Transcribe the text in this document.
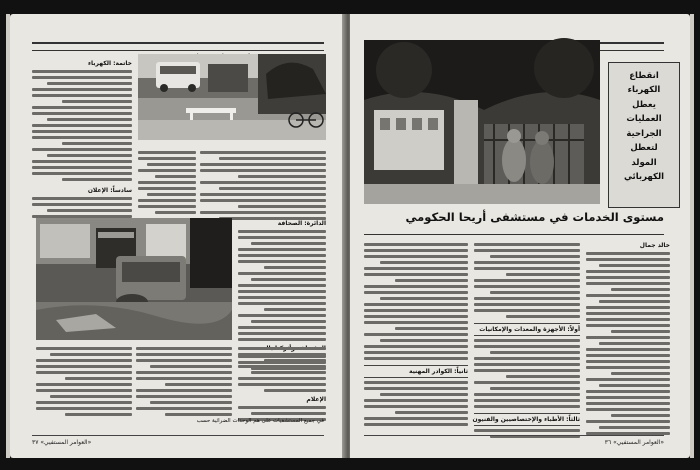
خاتمة: الكهرباء
سادساً: الإعلان
الدائرة: الصحافة
الإعلام
في جميع المستشفيات على هم الوحدات الضرائية حسب
«العوامر المستفيي» ٣٧
انقطاع الكهرباء
يعطل
العمليات الجراحية
لتعطل
المولد الكهربائي
مستوى الخدمات في مستشفى أريحا الحكومي
خالد جمال
أولاً: الأجهزة والمعدات والإمكانيات
ثالثاً: الأطباء والإختصاصيين والفنيون
ثانياً: الكوادر المهنية
«العوامر المستفيي» ٣٦
